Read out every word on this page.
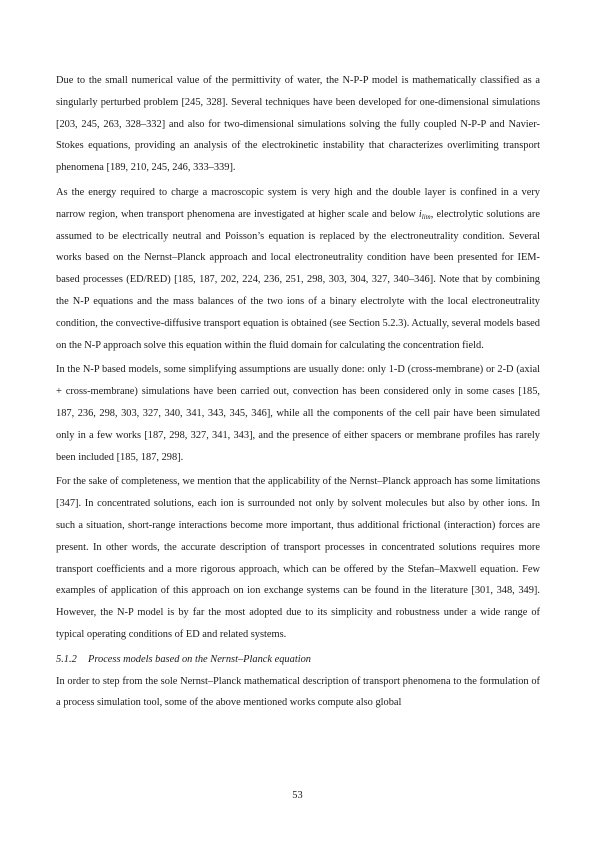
Due to the small numerical value of the permittivity of water, the N-P-P model is mathematically classified as a singularly perturbed problem [245, 328]. Several techniques have been developed for one-dimensional simulations [203, 245, 263, 328–332] and also for two-dimensional simulations solving the fully coupled N-P-P and Navier-Stokes equations, providing an analysis of the electrokinetic instability that characterizes overlimiting transport phenomena [189, 210, 245, 246, 333–339].

As the energy required to charge a macroscopic system is very high and the double layer is confined in a very narrow region, when transport phenomena are investigated at higher scale and below $i_{lim}$, electrolytic solutions are assumed to be electrically neutral and Poisson’s equation is replaced by the electroneutrality condition. Several works based on the Nernst–Planck approach and local electroneutrality condition have been presented for IEM-based processes (ED/RED) [185, 187, 202, 224, 236, 251, 298, 303, 304, 327, 340–346]. Note that by combining the N-P equations and the mass balances of the two ions of a binary electrolyte with the local electroneutrality condition, the convective-diffusive transport equation is obtained (see Section 5.2.3). Actually, several models based on the N-P approach solve this equation within the fluid domain for calculating the concentration field.

In the N-P based models, some simplifying assumptions are usually done: only 1-D (cross-membrane) or 2-D (axial + cross-membrane) simulations have been carried out, convection has been considered only in some cases [185, 187, 236, 298, 303, 327, 340, 341, 343, 345, 346], while all the components of the cell pair have been simulated only in a few works [187, 298, 327, 341, 343], and the presence of either spacers or membrane profiles has rarely been included [185, 187, 298].

For the sake of completeness, we mention that the applicability of the Nernst–Planck approach has some limitations [347]. In concentrated solutions, each ion is surrounded not only by solvent molecules but also by other ions. In such a situation, short-range interactions become more important, thus additional frictional (interaction) forces are present. In other words, the accurate description of transport processes in concentrated solutions requires more transport coefficients and a more rigorous approach, which can be offered by the Stefan–Maxwell equation. Few examples of application of this approach on ion exchange systems can be found in the literature [301, 348, 349]. However, the N-P model is by far the most adopted due to its simplicity and robustness under a wide range of typical operating conditions of ED and related systems.

5.1.2 Process models based on the Nernst–Planck equation

In order to step from the sole Nernst–Planck mathematical description of transport phenomena to the formulation of a process simulation tool, some of the above mentioned works compute also global

53
